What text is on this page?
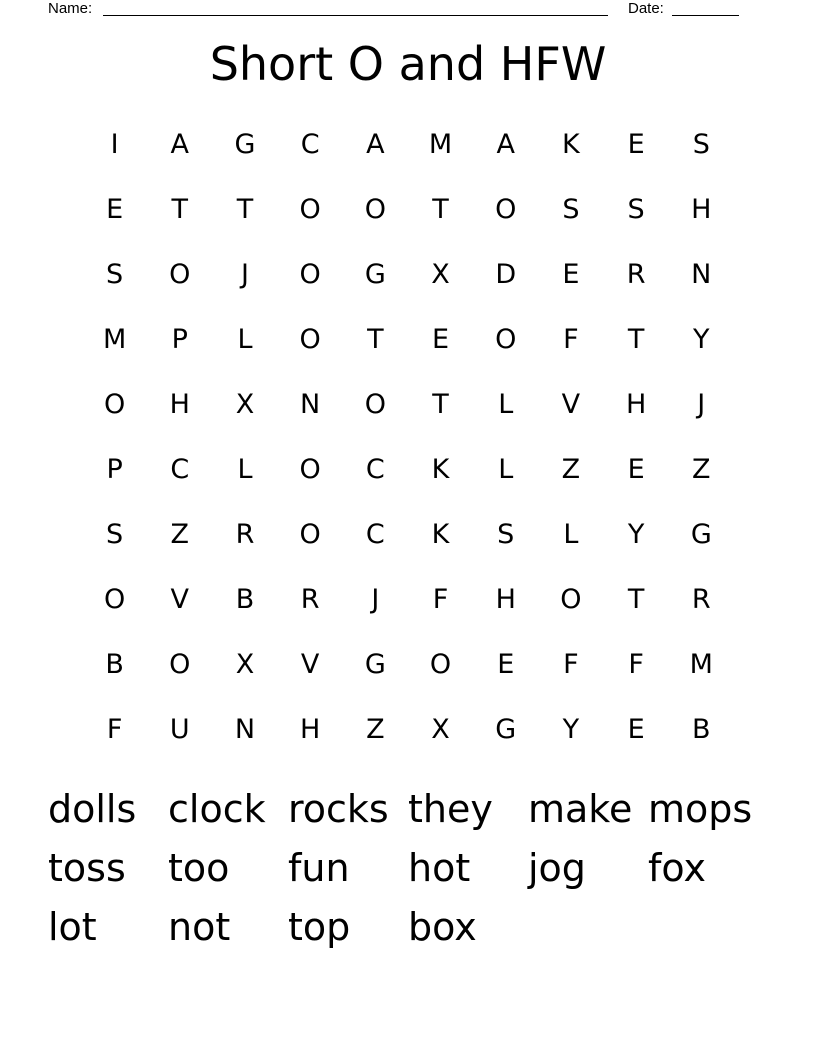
Name:	Date:
Short O and HFW
I	A	G	C	A	M	A	K	E	S
E	T	T	O	O	T	O	S	S	H
S	O	J	O	G	X	D	E	R	N
M	P	L	O	T	E	O	F	T	Y
O	H	X	N	O	T	L	V	H	J
P	C	L	O	C	K	L	Z	E	Z
S	Z	R	O	C	K	S	L	Y	G
O	V	B	R	J	F	H	O	T	R
B	O	X	V	G	O	E	F	F	M
F	U	N	H	Z	X	G	Y	E	B
dolls clock rocks they make mops
toss	too	fun	hot	jog	fox
lot	not	top	box
